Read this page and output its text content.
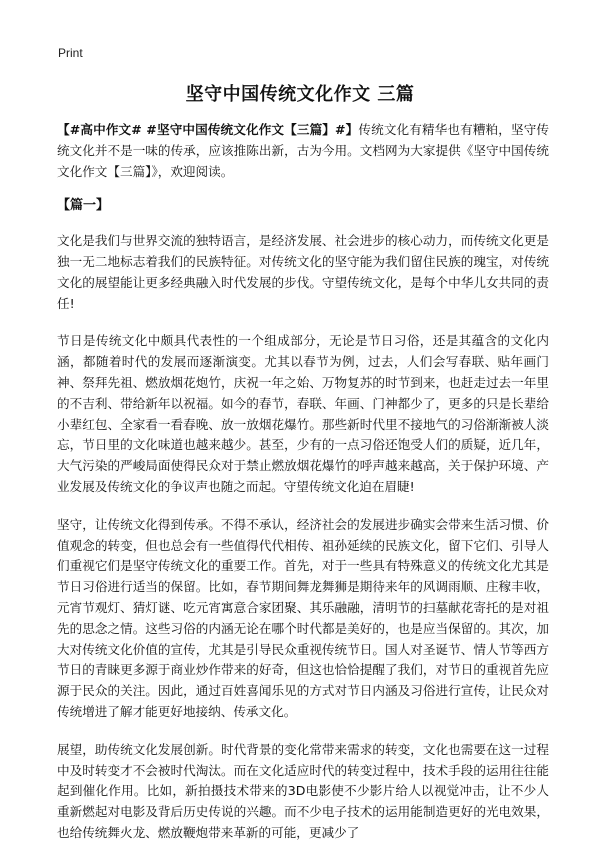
Print
坚守中国传统文化作文 三篇

【#高中作文# #坚守中国传统文化作文【三篇】#】传统文化有精华也有糟粕，坚守传统文化并不是一味的传承，应该推陈出新，古为今用。文档网为大家提供《坚守中国传统文化作文【三篇】》，欢迎阅读。

【篇一】

文化是我们与世界交流的独特语言，是经济发展、社会进步的核心动力，而传统文化更是独一无二地标志着我们的民族特征。对传统文化的坚守能为我们留住民族的瑰宝，对传统文化的展望能让更多经典融入时代发展的步伐。守望传统文化，是每个中华儿女共同的责任!

节日是传统文化中颇具代表性的一个组成部分，无论是节日习俗，还是其蕴含的文化内涵，都随着时代的发展而逐渐演变。尤其以春节为例，过去，人们会写春联、贴年画门神、祭拜先祖、燃放烟花炮竹，庆祝一年之始、万物复苏的时节到来，也赶走过去一年里的不吉利、带给新年以祝福。如今的春节，春联、年画、门神都少了，更多的只是长辈给小辈红包、全家看一看春晚、放一放烟花爆竹。那些新时代里不接地气的习俗渐渐被人淡忘，节日里的文化味道也越来越少。甚至，少有的一点习俗还饱受人们的质疑，近几年，大气污染的严峻局面使得民众对于禁止燃放烟花爆竹的呼声越来越高，关于保护环境、产业发展及传统文化的争议声也随之而起。守望传统文化迫在眉睫!

坚守，让传统文化得到传承。不得不承认，经济社会的发展进步确实会带来生活习惯、价值观念的转变，但也总会有一些值得代代相传、祖孙延续的民族文化，留下它们、引导人们重视它们是坚守传统文化的重要工作。首先，对于一些具有特殊意义的传统文化尤其是节日习俗进行适当的保留。比如，春节期间舞龙舞狮是期待来年的风调雨顺、庄稼丰收，元宵节观灯、猜灯谜、吃元宵寓意合家团聚、其乐融融，清明节的扫墓献花寄托的是对祖先的思念之情。这些习俗的内涵无论在哪个时代都是美好的，也是应当保留的。其次，加大对传统文化价值的宣传，尤其是引导民众重视传统节日。国人对圣诞节、情人节等西方节日的青睐更多源于商业炒作带来的好奇，但这也恰恰提醒了我们，对节日的重视首先应源于民众的关注。因此，通过百姓喜闻乐见的方式对节日内涵及习俗进行宣传，让民众对传统增进了解才能更好地接纳、传承文化。

展望，助传统文化发展创新。时代背景的变化常带来需求的转变，文化也需要在这一过程中及时转变才不会被时代淘汰。而在文化适应时代的转变过程中，技术手段的运用往往能起到催化作用。比如，新拍摄技术带来的3D电影使不少影片给人以视觉冲击，让不少人重新燃起对电影及背后历史传说的兴趣。而不少电子技术的运用能制造更好的光电效果，也给传统舞火龙、燃放鞭炮带来革新的可能，更减少了
